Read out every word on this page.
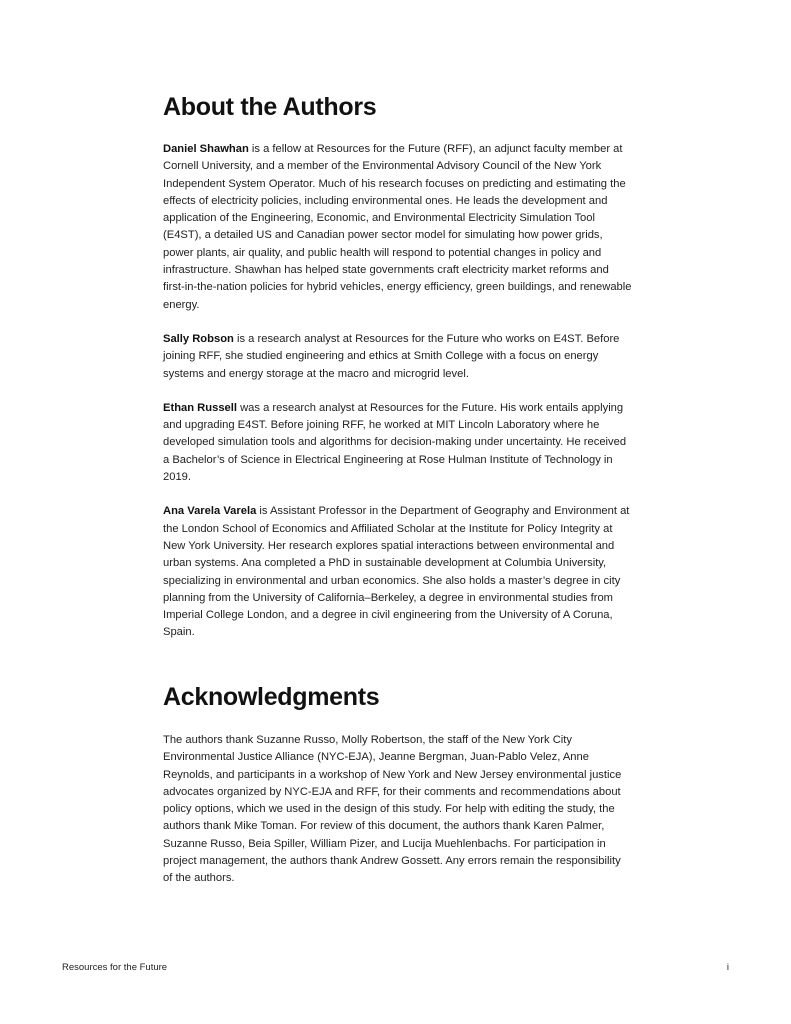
About the Authors

Daniel Shawhan is a fellow at Resources for the Future (RFF), an adjunct faculty member at Cornell University, and a member of the Environmental Advisory Council of the New York Independent System Operator. Much of his research focuses on predicting and estimating the effects of electricity policies, including environmental ones. He leads the development and application of the Engineering, Economic, and Environmental Electricity Simulation Tool (E4ST), a detailed US and Canadian power sector model for simulating how power grids, power plants, air quality, and public health will respond to potential changes in policy and infrastructure. Shawhan has helped state governments craft electricity market reforms and first-in-the-nation policies for hybrid vehicles, energy efficiency, green buildings, and renewable energy.

Sally Robson is a research analyst at Resources for the Future who works on E4ST. Before joining RFF, she studied engineering and ethics at Smith College with a focus on energy systems and energy storage at the macro and microgrid level.

Ethan Russell was a research analyst at Resources for the Future. His work entails applying and upgrading E4ST. Before joining RFF, he worked at MIT Lincoln Laboratory where he developed simulation tools and algorithms for decision-making under uncertainty. He received a Bachelor’s of Science in Electrical Engineering at Rose Hulman Institute of Technology in 2019.

Ana Varela Varela is Assistant Professor in the Department of Geography and Environment at the London School of Economics and Affiliated Scholar at the Institute for Policy Integrity at New York University. Her research explores spatial interactions between environmental and urban systems. Ana completed a PhD in sustainable development at Columbia University, specializing in environmental and urban economics. She also holds a master’s degree in city planning from the University of California–Berkeley, a degree in environmental studies from Imperial College London, and a degree in civil engineering from the University of A Coruna, Spain.

Acknowledgments

The authors thank Suzanne Russo, Molly Robertson, the staff of the New York City Environmental Justice Alliance (NYC-EJA), Jeanne Bergman, Juan-Pablo Velez, Anne Reynolds, and participants in a workshop of New York and New Jersey environmental justice advocates organized by NYC-EJA and RFF, for their comments and recommendations about policy options, which we used in the design of this study. For help with editing the study, the authors thank Mike Toman. For review of this document, the authors thank Karen Palmer, Suzanne Russo, Beia Spiller, William Pizer, and Lucija Muehlenbachs. For participation in project management, the authors thank Andrew Gossett. Any errors remain the responsibility of the authors.

Resources for the Future	i
